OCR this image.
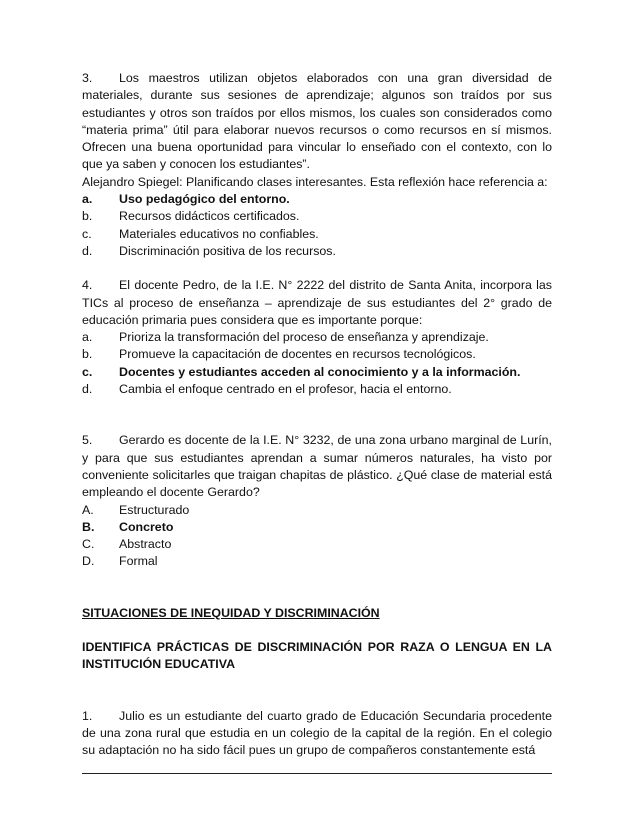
3. Los maestros utilizan objetos elaborados con una gran diversidad de materiales, durante sus sesiones de aprendizaje; algunos son traídos por sus estudiantes y otros son traídos por ellos mismos, los cuales son considerados como “materia prima” útil para elaborar nuevos recursos o como recursos en sí mismos. Ofrecen una buena oportunidad para vincular lo enseñado con el contexto, con lo que ya saben y conocen los estudiantes”.

Alejandro Spiegel: Planificando clases interesantes. Esta reflexión hace referencia a:

a.	Uso pedagógico del entorno.
b.	Recursos didácticos certificados.
c.	Materiales educativos no confiables.
d.	Discriminación positiva de los recursos.

4. El docente Pedro, de la I.E. N° 2222 del distrito de Santa Anita, incorpora las TICs al proceso de enseñanza – aprendizaje de sus estudiantes del 2° grado de educación primaria pues considera que es importante porque:

a.	Prioriza la transformación del proceso de enseñanza y aprendizaje.
b.	Promueve la capacitación de docentes en recursos tecnológicos.
c.	Docentes y estudiantes acceden al conocimiento y a la información.
d.	Cambia el enfoque centrado en el profesor, hacia el entorno.

5. Gerardo es docente de la I.E. N° 3232, de una zona urbano marginal de Lurín, y para que sus estudiantes aprendan a sumar números naturales, ha visto por conveniente solicitarles que traigan chapitas de plástico. ¿Qué clase de material está empleando el docente Gerardo?

A.	Estructurado
B.	Concreto
C.	Abstracto
D.	Formal

SITUACIONES DE INEQUIDAD Y DISCRIMINACIÓN

IDENTIFICA PRÁCTICAS DE DISCRIMINACIÓN POR RAZA O LENGUA EN LA INSTITUCIÓN EDUCATIVA

1. Julio es un estudiante del cuarto grado de Educación Secundaria procedente de una zona rural que estudia en un colegio de la capital de la región. En el colegio su adaptación no ha sido fácil pues un grupo de compañeros constantemente está
